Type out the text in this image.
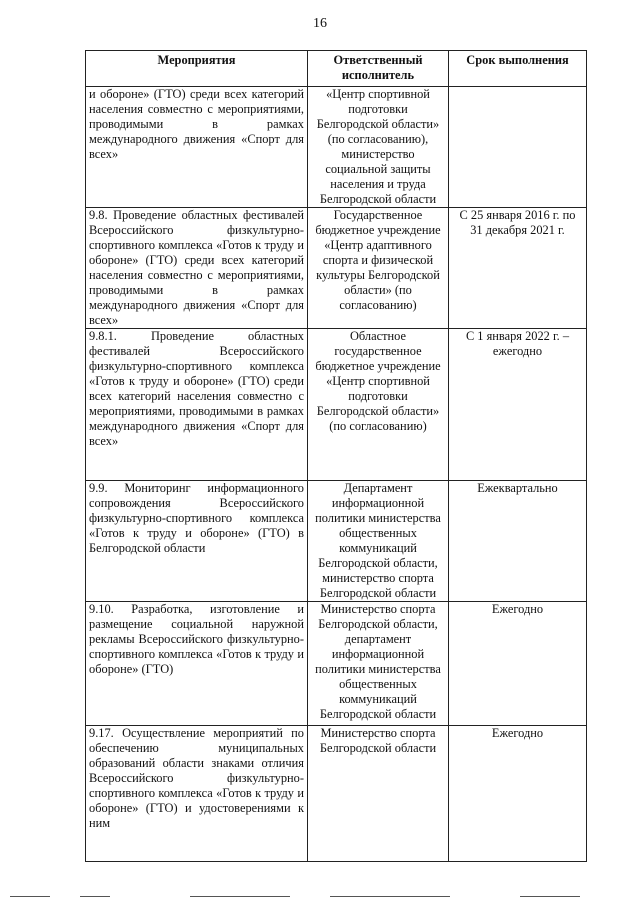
16
Мероприятия	Ответственный исполнитель	Срок выполнения
и обороне» (ГТО) среди всех категорий населения совместно с мероприятиями, проводимыми в рамках международного движения «Спорт для всех»	«Центр спортивной подготовки Белгородской области» (по согласованию), министерство социальной защиты населения и труда Белгородской области	
9.8. Проведение областных фестивалей Всероссийского физкультурно-спортивного комплекса «Готов к труду и обороне» (ГТО) среди всех категорий населения совместно с мероприятиями, проводимыми в рамках международного движения «Спорт для всех»	Государственное бюджетное учреждение «Центр адаптивного спорта и физической культуры Белгородской области» (по согласованию)	С 25 января 2016 г. по 31 декабря 2021 г.
9.8.1. Проведение областных фестивалей Всероссийского физкультурно-спортивного комплекса «Готов к труду и обороне» (ГТО) среди всех категорий населения совместно с мероприятиями, проводимыми в рамках международного движения «Спорт для всех»	Областное государственное бюджетное учреждение «Центр спортивной подготовки Белгородской области» (по согласованию)	С 1 января 2022 г. – ежегодно
9.9. Мониторинг информационного сопровождения Всероссийского физкультурно-спортивного комплекса «Готов к труду и обороне» (ГТО) в Белгородской области	Департамент информационной политики министерства общественных коммуникаций Белгородской области, министерство спорта Белгородской области	Ежеквартально
9.10. Разработка, изготовление и размещение социальной наружной рекламы Всероссийского физкультурно-спортивного комплекса «Готов к труду и обороне» (ГТО)	Министерство спорта Белгородской области, департамент информационной политики министерства общественных коммуникаций Белгородской области	Ежегодно
9.17. Осуществление мероприятий по обеспечению муниципальных образований области знаками отличия Всероссийского физкультурно-спортивного комплекса «Готов к труду и обороне» (ГТО) и удостоверениями к ним	Министерство спорта Белгородской области	Ежегодно
